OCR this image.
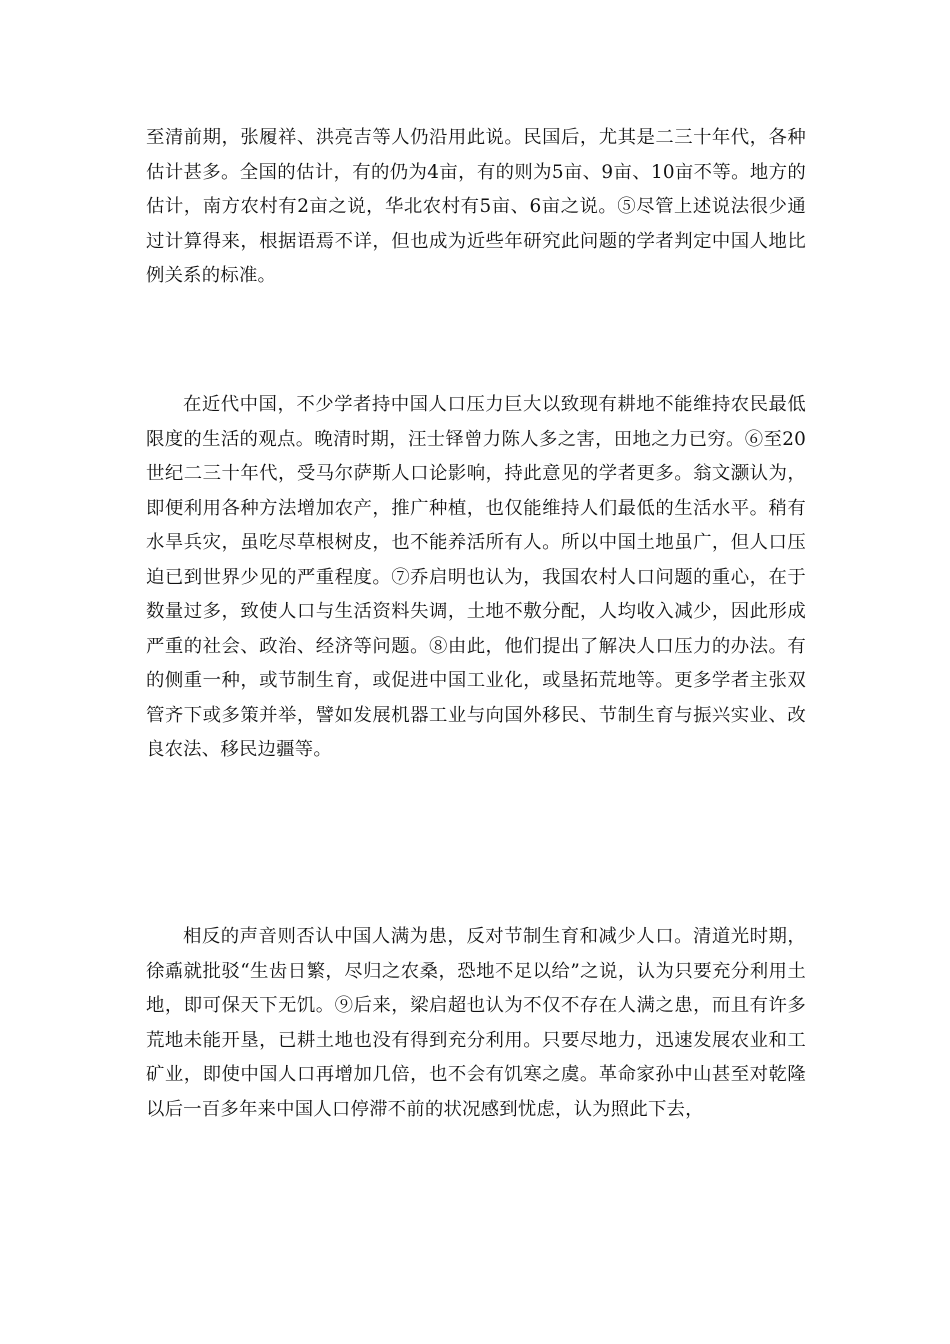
至清前期，张履祥、洪亮吉等人仍沿用此说。民国后，尤其是二三十年代，各种估计甚多。全国的估计，有的仍为4亩，有的则为5亩、9亩、10亩不等。地方的估计，南方农村有2亩之说，华北农村有5亩、6亩之说。⑤尽管上述说法很少通过计算得来，根据语焉不详，但也成为近些年研究此问题的学者判定中国人地比例关系的标准。

在近代中国，不少学者持中国人口压力巨大以致现有耕地不能维持农民最低限度的生活的观点。晚清时期，汪士铎曾力陈人多之害，田地之力已穷。⑥至20世纪二三十年代，受马尔萨斯人口论影响，持此意见的学者更多。翁文灏认为，即便利用各种方法增加农产，推广种植，也仅能维持人们最低的生活水平。稍有水旱兵灾，虽吃尽草根树皮，也不能养活所有人。所以中国土地虽广，但人口压迫已到世界少见的严重程度。⑦乔启明也认为，我国农村人口问题的重心，在于数量过多，致使人口与生活资料失调，土地不敷分配，人均收入减少，因此形成严重的社会、政治、经济等问题。⑧由此，他们提出了解决人口压力的办法。有的侧重一种，或节制生育，或促进中国工业化，或垦拓荒地等。更多学者主张双管齐下或多策并举，譬如发展机器工业与向国外移民、节制生育与振兴实业、改良农法、移民边疆等。

相反的声音则否认中国人满为患，反对节制生育和减少人口。清道光时期，徐鼒就批驳“生齿日繁，尽归之农桑，恐地不足以给”之说，认为只要充分利用土地，即可保天下无饥。⑨后来，梁启超也认为不仅不存在人满之患，而且有许多荒地未能开垦，已耕土地也没有得到充分利用。只要尽地力，迅速发展农业和工矿业，即使中国人口再增加几倍，也不会有饥寒之虞。革命家孙中山甚至对乾隆以后一百多年来中国人口停滞不前的状况感到忧虑，认为照此下去，
